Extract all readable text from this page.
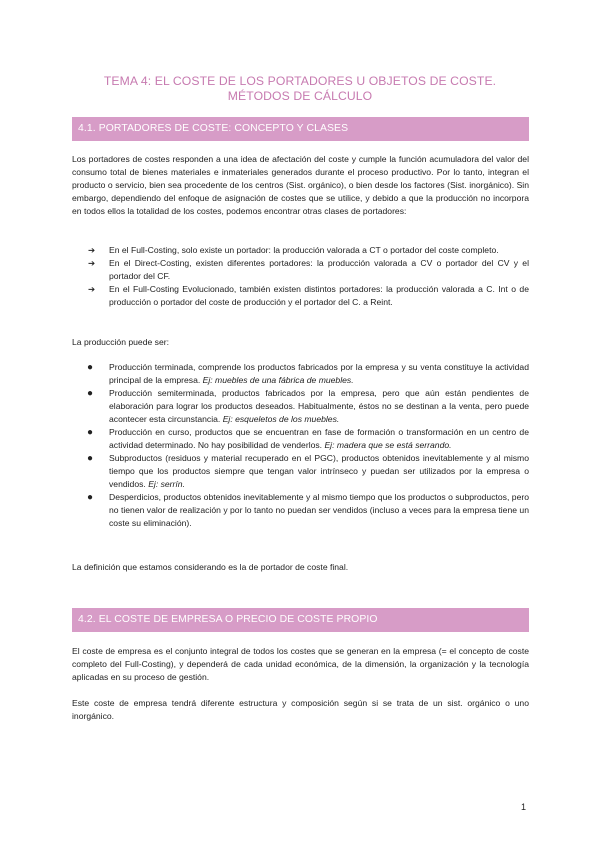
TEMA 4: EL COSTE DE LOS PORTADORES U OBJETOS DE COSTE.
MÉTODOS DE CÁLCULO
4.1. PORTADORES DE COSTE: CONCEPTO Y CLASES

Los portadores de costes responden a una idea de afectación del coste y cumple la función acumuladora del valor del consumo total de bienes materiales e inmateriales generados durante el proceso productivo. Por lo tanto, integran el producto o servicio, bien sea procedente de los centros (Sist. orgánico), o bien desde los factores (Sist. inorgánico). Sin embargo, dependiendo del enfoque de asignación de costes que se utilice, y debido a que la producción no incorpora en todos ellos la totalidad de los costes, podemos encontrar otras clases de portadores:

➔ En el Full-Costing, solo existe un portador: la producción valorada a CT o portador del coste completo.
➔ En el Direct-Costing, existen diferentes portadores: la producción valorada a CV o portador del CV y el portador del CF.
➔ En el Full-Costing Evolucionado, también existen distintos portadores: la producción valorada a C. Int o de producción o portador del coste de producción y el portador del C. a Reint.

La producción puede ser:

● Producción terminada, comprende los productos fabricados por la empresa y su venta constituye la actividad principal de la empresa. Ej: muebles de una fábrica de muebles.
● Producción semiterminada, productos fabricados por la empresa, pero que aún están pendientes de elaboración para lograr los productos deseados. Habitualmente, éstos no se destinan a la venta, pero puede acontecer esta circunstancia. Ej: esqueletos de los muebles.
● Producción en curso, productos que se encuentran en fase de formación o transformación en un centro de actividad determinado. No hay posibilidad de venderlos. Ej: madera que se está serrando.
● Subproductos (residuos y material recuperado en el PGC), productos obtenidos inevitablemente y al mismo tiempo que los productos siempre que tengan valor intrínseco y puedan ser utilizados por la empresa o vendidos. Ej: serrín.
● Desperdicios, productos obtenidos inevitablemente y al mismo tiempo que los productos o subproductos, pero no tienen valor de realización y por lo tanto no puedan ser vendidos (incluso a veces para la empresa tiene un coste su eliminación).

La definición que estamos considerando es la de portador de coste final.

4.2. EL COSTE DE EMPRESA O PRECIO DE COSTE PROPIO

El coste de empresa es el conjunto integral de todos los costes que se generan en la empresa (= el concepto de coste completo del Full-Costing), y dependerá de cada unidad económica, de la dimensión, la organización y la tecnología aplicadas en su proceso de gestión.

Este coste de empresa tendrá diferente estructura y composición según si se trata de un sist. orgánico o uno inorgánico.

1
